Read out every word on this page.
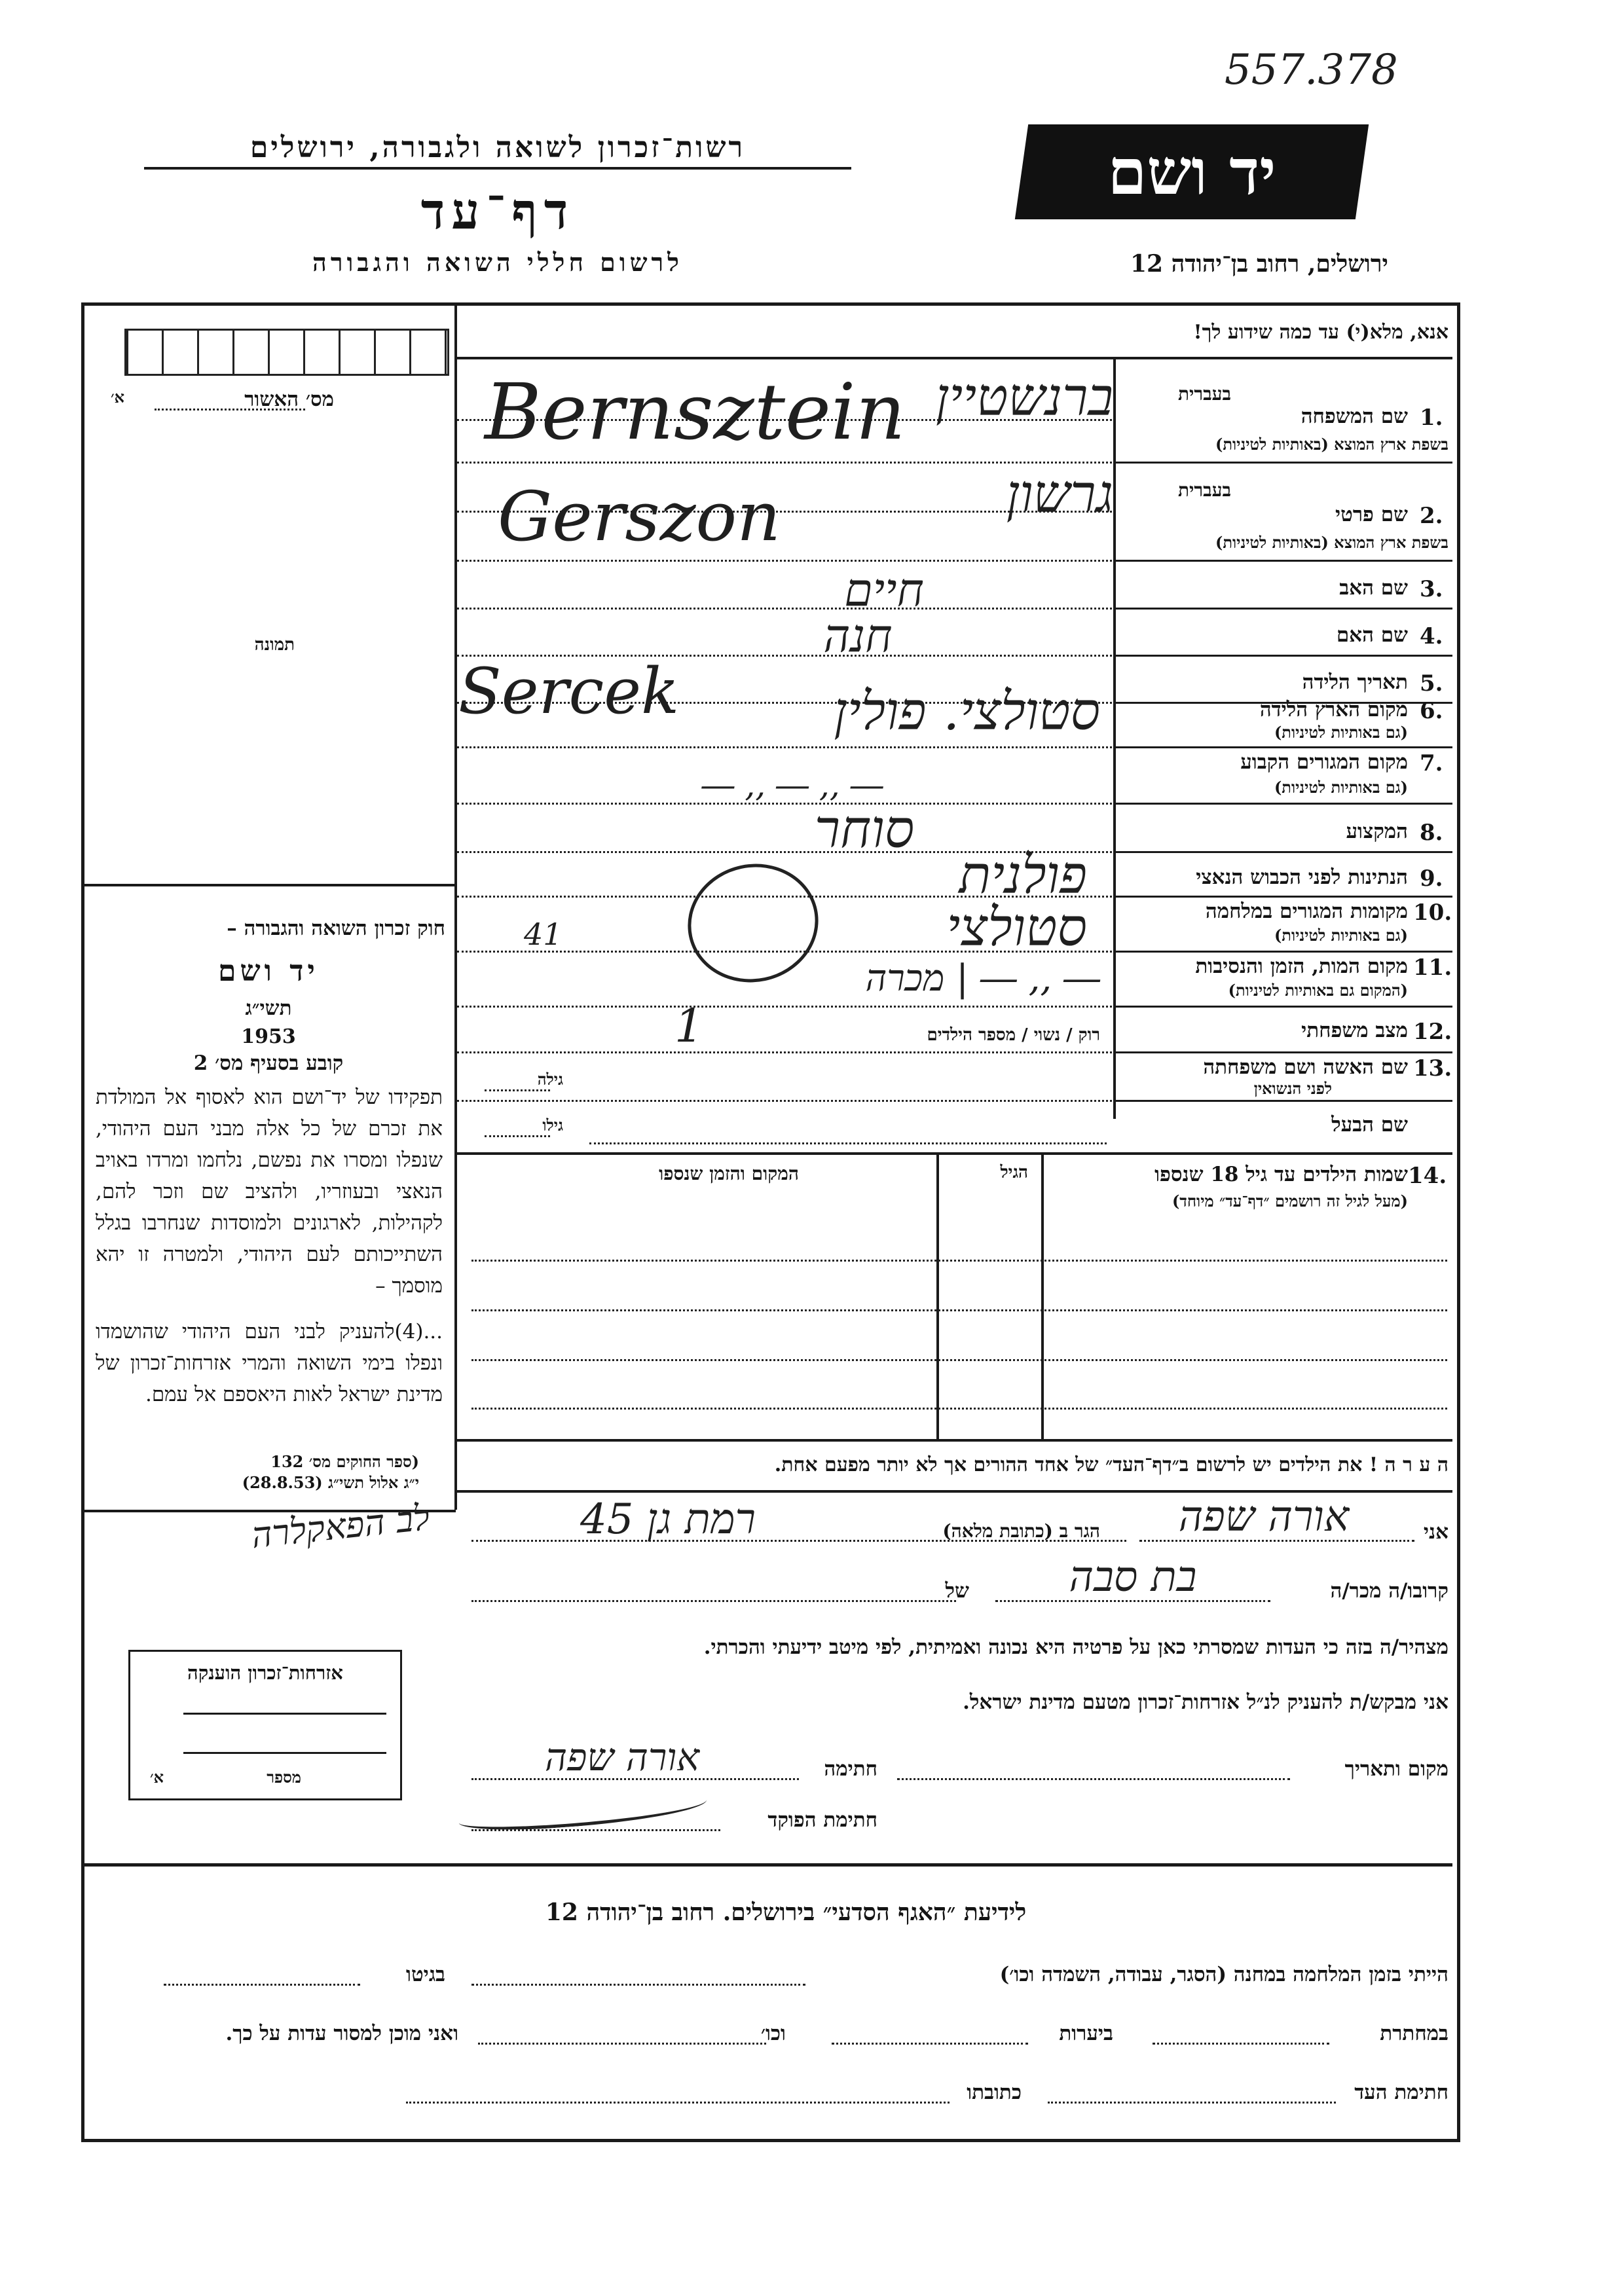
557.378
רשות־זכרון לשואה ולגבורה, ירושלים
דף־עד
לרשום חללי השואה והגבורה
יד ושם
ירושלים, רחוב בן־יהודה 12
מס׳ האשור
א׳
תמונה
חוק זכרון השואה והגבורה –
יד ושם
תשי״ג
1953
קובע בסעיף מס׳ 2
תפקידו של יד־ושם הוא לאסוף אל המולדת את זכרם של כל אלה מבני העם היהודי, שנפלו ומסרו את נפשם, נלחמו ומרדו באויב הנאצי ובעוזריו, ולהציב שם וזכר להם, לקהילות, לארגונים ולמוסדות שנחרבו בגלל השתייכותם לעם היהודי, ולמטרה זו יהא מוסמך –
...(4)להעניק לבני העם היהודי שהושמדו ונפלו בימי השואה והמרי אזרחות־זכרון של מדינת ישראל לאות היאספם אל עמם.
(ספר החוקים מס׳ 132
י״ג אלול תשי״ג (28.8.53)
לב הפאקלרה
אזרחות־זכרון הוענקה
מספר
א׳
אנא, מלא(י) עד כמה שידוע לך!
1.
שם המשפחה
בעברית
בשפת ארץ המוצא (באותיות לטיניות)
2.
שם פרטי
בעברית
בשפת ארץ המוצא (באותיות לטיניות)
3.
שם האב
4.
שם האם
5.
תאריך הלידה
6.
מקום הארץ הלידה
(גם באותיות לטיניות)
7.
מקום המגורים הקבוע
(גם באותיות לטיניות)
8.
המקצוע
9.
הנתינות לפני הכבוש הנאצי
10.
מקומות המגורים במלחמה
(גם באותיות לטיניות)
11.
מקום המות, הזמן והנסיבות
(המקום גם באותיות לטיניות)
12.
מצב משפחתי
רוק / נשוי / מספר הילדים
13.
שם האשה ושם משפחתה
לפני הנשואין
גילה
שם הבעל
גילו
Bernsztein ברנשטיין
Gerszon	גרשון
חיים
חנה
Sercek	סטולצי. פולין
― ,, ― ,, ―
סוחר
פולנית
סטולצי
41
― ,, ― | מכרה
1
14.
שמות הילדים עד גיל 18 שנספו
(מעל לגיל זה רושמים ״דף־עד״ מיוחד)
הגיל
המקום והזמן שנספו
ה ע ר ה ! את הילדים יש לרשום ב״דף־העד״ של אחד ההורים אך לא יותר מפעם אחת.
אני
אורה שפה
הגר ב (כתובת מלאה)
רמת גן 45
קרובו/ה מכר/ה
בת סבה
של
מצהיר/ה בזה כי העדות שמסרתי כאן על פרטיה היא נכונה ואמיתית, לפי מיטב ידיעתי והכרתי.
אני מבקש/ת להעניק לנ״ל אזרחות־זכרון מטעם מדינת ישראל.
מקום ותאריך
חתימה
אורה שפה
חתימת הפוקד
לידיעת ״האגף הסדעי״ בירושלים. רחוב בן־יהודה 12
הייתי בזמן המלחמה במחנה (הסגר, עבודה, השמדה וכו׳)
בגיטו
במחתרת
ביערות
וכו׳
ואני מוכן למסור עדות על כך.
חתימת העד
כתובתו
